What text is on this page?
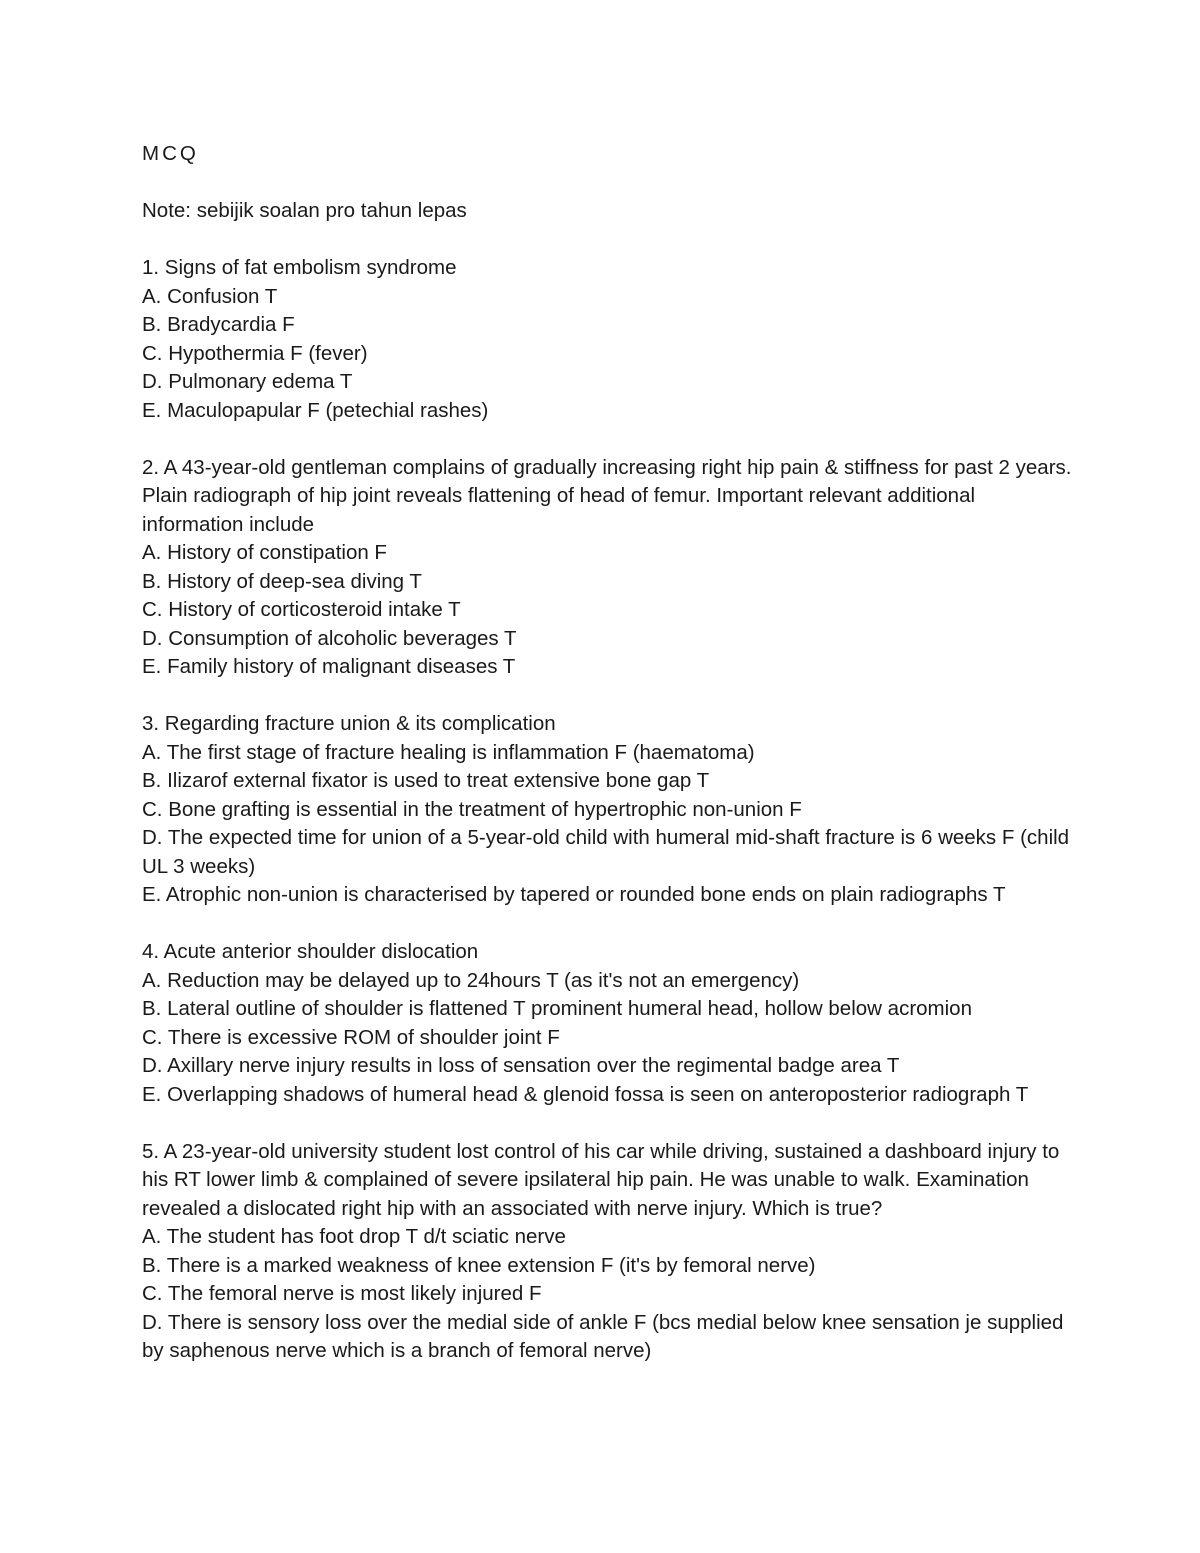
MCQ

Note: sebijik soalan pro tahun lepas

1. Signs of fat embolism syndrome

A. Confusion T

B. Bradycardia F

C. Hypothermia F (fever)

D. Pulmonary edema T

E. Maculopapular F (petechial rashes)

2. A 43-year-old gentleman complains of gradually increasing right hip pain & stiffness for past 2 years. Plain radiograph of hip joint reveals flattening of head of femur. Important relevant additional information include

A. History of constipation F

B. History of deep-sea diving T

C. History of corticosteroid intake T

D. Consumption of alcoholic beverages T

E. Family history of malignant diseases T

3. Regarding fracture union & its complication

A. The first stage of fracture healing is inflammation F (haematoma)

B. Ilizarof external fixator is used to treat extensive bone gap T

C. Bone grafting is essential in the treatment of hypertrophic non-union F

D. The expected time for union of a 5-year-old child with humeral mid-shaft fracture is 6 weeks F (child UL 3 weeks)

E. Atrophic non-union is characterised by tapered or rounded bone ends on plain radiographs T

4. Acute anterior shoulder dislocation

A. Reduction may be delayed up to 24hours T (as it's not an emergency)

B. Lateral outline of shoulder is flattened T prominent humeral head, hollow below acromion

C. There is excessive ROM of shoulder joint F

D. Axillary nerve injury results in loss of sensation over the regimental badge area T

E. Overlapping shadows of humeral head & glenoid fossa is seen on anteroposterior radiograph T

5. A 23-year-old university student lost control of his car while driving, sustained a dashboard injury to his RT lower limb & complained of severe ipsilateral hip pain. He was unable to walk. Examination revealed a dislocated right hip with an associated with nerve injury. Which is true?

A. The student has foot drop T d/t sciatic nerve

B. There is a marked weakness of knee extension F (it's by femoral nerve)

C. The femoral nerve is most likely injured F

D. There is sensory loss over the medial side of ankle F (bcs medial below knee sensation je supplied by saphenous nerve which is a branch of femoral nerve)
